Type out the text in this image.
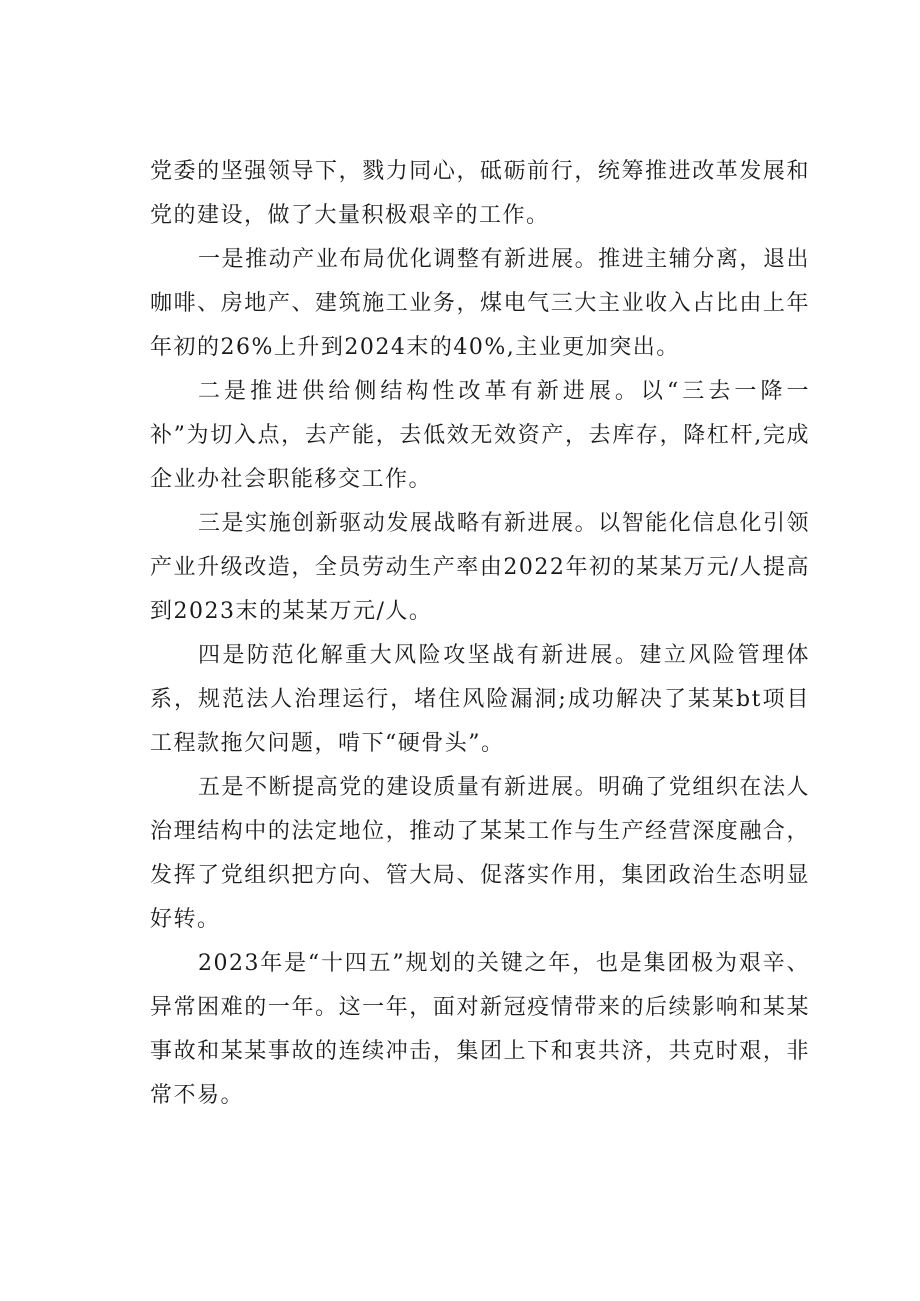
党委的坚强领导下，戮力同心，砥砺前行，统筹推进改革发展和党的建设，做了大量积极艰辛的工作。

一是推动产业布局优化调整有新进展。推进主辅分离，退出咖啡、房地产、建筑施工业务，煤电气三大主业收入占比由上年年初的26%上升到2024末的40%,主业更加突出。

二是推进供给侧结构性改革有新进展。以“三去一降一补”为切入点，去产能，去低效无效资产，去库存，降杠杆,完成企业办社会职能移交工作。

三是实施创新驱动发展战略有新进展。以智能化信息化引领产业升级改造，全员劳动生产率由2022年初的某某万元/人提高到2023末的某某万元/人。

四是防范化解重大风险攻坚战有新进展。建立风险管理体系，规范法人治理运行，堵住风险漏洞;成功解决了某某bt项目工程款拖欠问题，啃下“硬骨头”。

五是不断提高党的建设质量有新进展。明确了党组织在法人治理结构中的法定地位，推动了某某工作与生产经营深度融合，发挥了党组织把方向、管大局、促落实作用，集团政治生态明显好转。

2023年是“十四五”规划的关键之年，也是集团极为艰辛、异常困难的一年。这一年，面对新冠疫情带来的后续影响和某某事故和某某事故的连续冲击，集团上下和衷共济，共克时艰，非常不易。
